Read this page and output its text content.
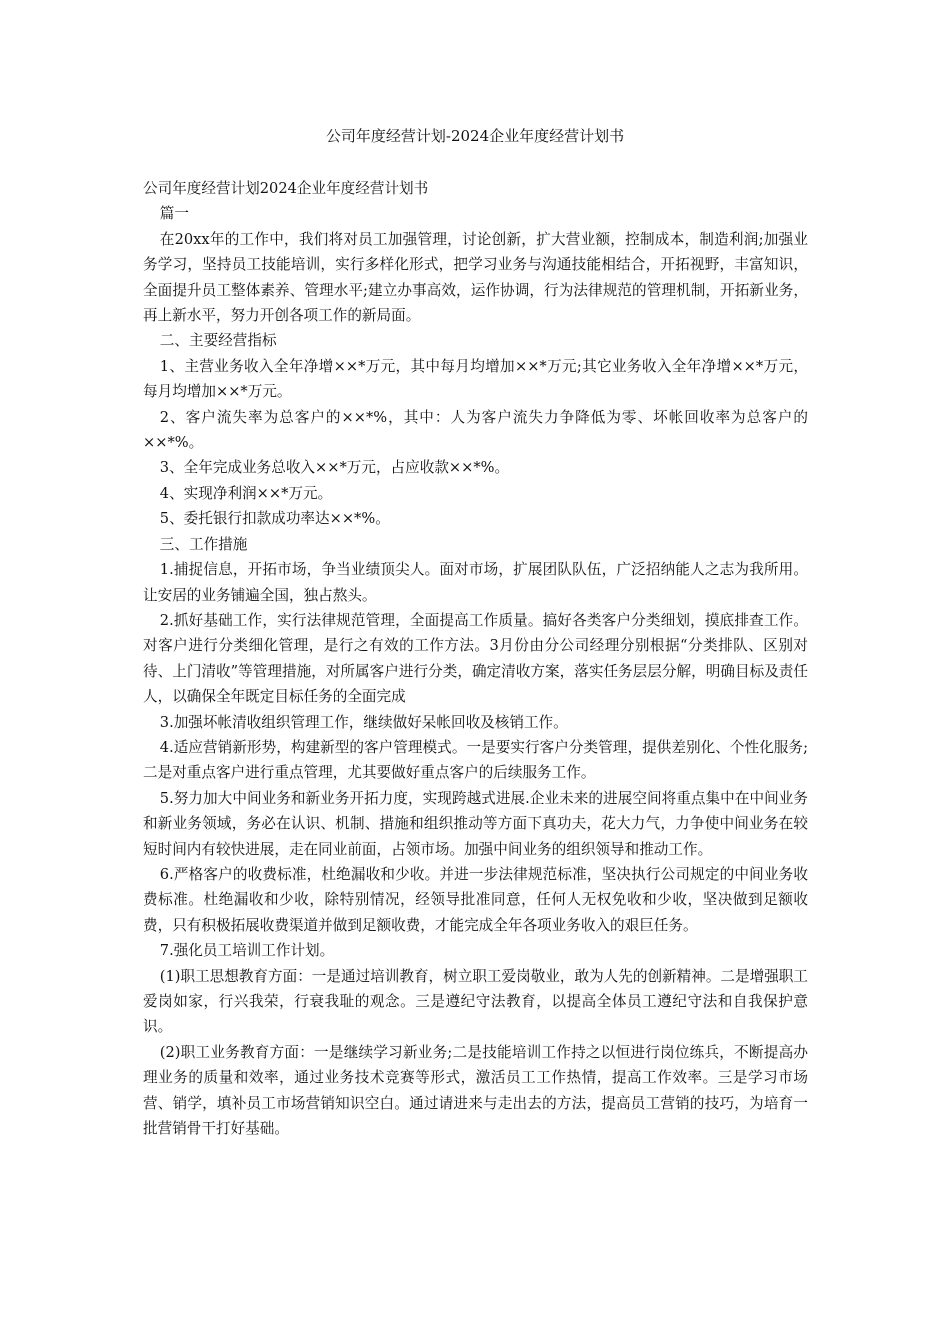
公司年度经营计划-2024企业年度经营计划书

公司年度经营计划2024企业年度经营计划书

篇一

在20xx年的工作中，我们将对员工加强管理，讨论创新，扩大营业额，控制成本，制造利润;加强业务学习，坚持员工技能培训，实行多样化形式，把学习业务与沟通技能相结合，开拓视野，丰富知识，全面提升员工整体素养、管理水平;建立办事高效，运作协调，行为法律规范的管理机制，开拓新业务，再上新水平，努力开创各项工作的新局面。

二、主要经营指标

1、主营业务收入全年净增××*万元，其中每月均增加××*万元;其它业务收入全年净增××*万元，每月均增加××*万元。

2、客户流失率为总客户的××*%，其中：人为客户流失力争降低为零、坏帐回收率为总客户的××*%。

3、全年完成业务总收入××*万元，占应收款××*%。

4、实现净利润××*万元。

5、委托银行扣款成功率达××*%。

三、工作措施

1.捕捉信息，开拓市场，争当业绩顶尖人。面对市场，扩展团队队伍，广泛招纳能人之志为我所用。让安居的业务铺遍全国，独占熬头。

2.抓好基础工作，实行法律规范管理，全面提高工作质量。搞好各类客户分类细划，摸底排查工作。对客户进行分类细化管理，是行之有效的工作方法。3月份由分公司经理分别根据“分类排队、区别对待、上门清收”等管理措施，对所属客户进行分类，确定清收方案，落实任务层层分解，明确目标及责任人，以确保全年既定目标任务的全面完成

3.加强坏帐清收组织管理工作，继续做好呆帐回收及核销工作。

4.适应营销新形势，构建新型的客户管理模式。一是要实行客户分类管理，提供差别化、个性化服务;二是对重点客户进行重点管理，尤其要做好重点客户的后续服务工作。

5.努力加大中间业务和新业务开拓力度，实现跨越式进展.企业未来的进展空间将重点集中在中间业务和新业务领域，务必在认识、机制、措施和组织推动等方面下真功夫，花大力气，力争使中间业务在较短时间内有较快进展，走在同业前面，占领市场。加强中间业务的组织领导和推动工作。

6.严格客户的收费标准，杜绝漏收和少收。并进一步法律规范标准，坚决执行公司规定的中间业务收费标准。杜绝漏收和少收，除特别情况，经领导批准同意，任何人无权免收和少收，坚决做到足额收费，只有积极拓展收费渠道并做到足额收费，才能完成全年各项业务收入的艰巨任务。

7.强化员工培训工作计划。

(1)职工思想教育方面：一是通过培训教育，树立职工爱岗敬业，敢为人先的创新精神。二是增强职工爱岗如家，行兴我荣，行衰我耻的观念。三是遵纪守法教育，以提高全体员工遵纪守法和自我保护意识。

(2)职工业务教育方面：一是继续学习新业务;二是技能培训工作持之以恒进行岗位练兵，不断提高办理业务的质量和效率，通过业务技术竞赛等形式，激活员工工作热情，提高工作效率。三是学习市场营、销学，填补员工市场营销知识空白。通过请进来与走出去的方法，提高员工营销的技巧，为培育一批营销骨干打好基础。
